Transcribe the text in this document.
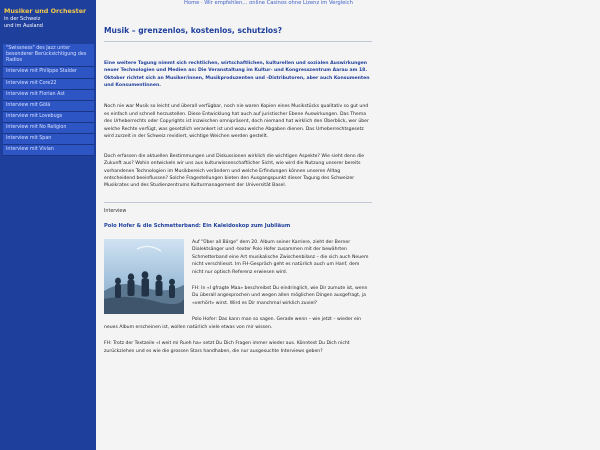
Musiker und Orchester
in der Schweiz
und im Ausland
"Swissness" des Jazz unter besonderer Berücksichtigung des Radios
Interview mit Philippe Stalder
Interview mit Core22
Interview mit Florian Ast
Interview mit Gölä
Interview mit Lovebugs
Interview mit No Religion
Interview mit Span
Interview mit Vivian
Home · Wir empfehlen… online Casinos ohne Lizenz im Vergleich
Musik – grenzenlos, kostenlos, schutzlos?
Eine weitere Tagung nimmt sich rechtlichen, wirtschaftlichen, kulturellen und sozialen Auswirkungen neuer Technologien und Medien an: Die Veranstaltung im Kultur- und Kongresszentrum Aarau am 18. Oktober richtet sich an Musiker/innen, Musikproduzenten und -Distributoren, aber auch Konsumenten und Konsumentinnen.

Noch nie war Musik so leicht und überall verfügbar, noch nie waren Kopien eines Musikstücks qualitativ so gut und es einfach und schnell herzustellen. Diese Entwicklung hat auch auf juristischer Ebene Auswirkungen. Das Thema des Urheberrechts oder Copyrights ist inzwischen omnipräsent, doch niemand hat wirklich den Überblick, wer über welche Rechte verfügt, was gesetzlich verankert ist und wozu welche Abgaben dienen. Das Urheberrechtsgesetz wird zurzeit in der Schweiz revidiert, wichtige Weichen werden gestellt.

Doch erfassen die aktuellen Bestimmungen und Diskussionen wirklich die wichtigen Aspekte? Wie sieht denn die Zukunft aus? Wohin entwickeln wir uns aus kulturwissenschaftlicher Sicht, wie wird die Nutzung unserer bereits vorhandenen Technologien im Musikbereich verändern und welche Erfindungen können unseren Alltag entscheidend beeinflussen? Solche Fragestellungen bieten den Ausgangspunkt dieser Tagung des Schweizer Musikrates und des Studienzentrums Kulturmanagement der Universität Basel.

Interview
Polo Hofer & die Schmetterband: Ein Kaleidoskop zum Jubiläum

Auf "Über all Bärge" dem 20. Album seiner Karriere, zieht der Berner Dialektsänger und -texter Polo Hofer zusammen mit der bewährten Schmetterband eine Art musikalische Zwischenbilanz – die sich auch Neuem nicht verschliesst. Im FH-Gespräch geht es natürlich auch um Hanf, dem nicht nur optisch Referenz erwiesen wird.

FH: In «I gfragte Maa» beschreibst Du eindringlich, wie Dir zumute ist, wenn Du überall angesprochen und wegen allen möglichen Dingen ausgefragt, ja «verhört» wirst. Wird es Dir manchmal wirklich zuviel?

Polo Hofer: Das kann man so sagen. Gerade wenn – wie jetzt – wieder ein neues Album erscheinen ist, wollen natürlich viele etwas von mir wissen.

FH: Trotz der Textzeile «I weit mi Rueh ha» setzt Du Dich Fragen immer wieder aus. Könntest Du Dich nicht zurückziehen und es wie die grossen Stars handhaben, die nur ausgesuchte Interviews geben?
